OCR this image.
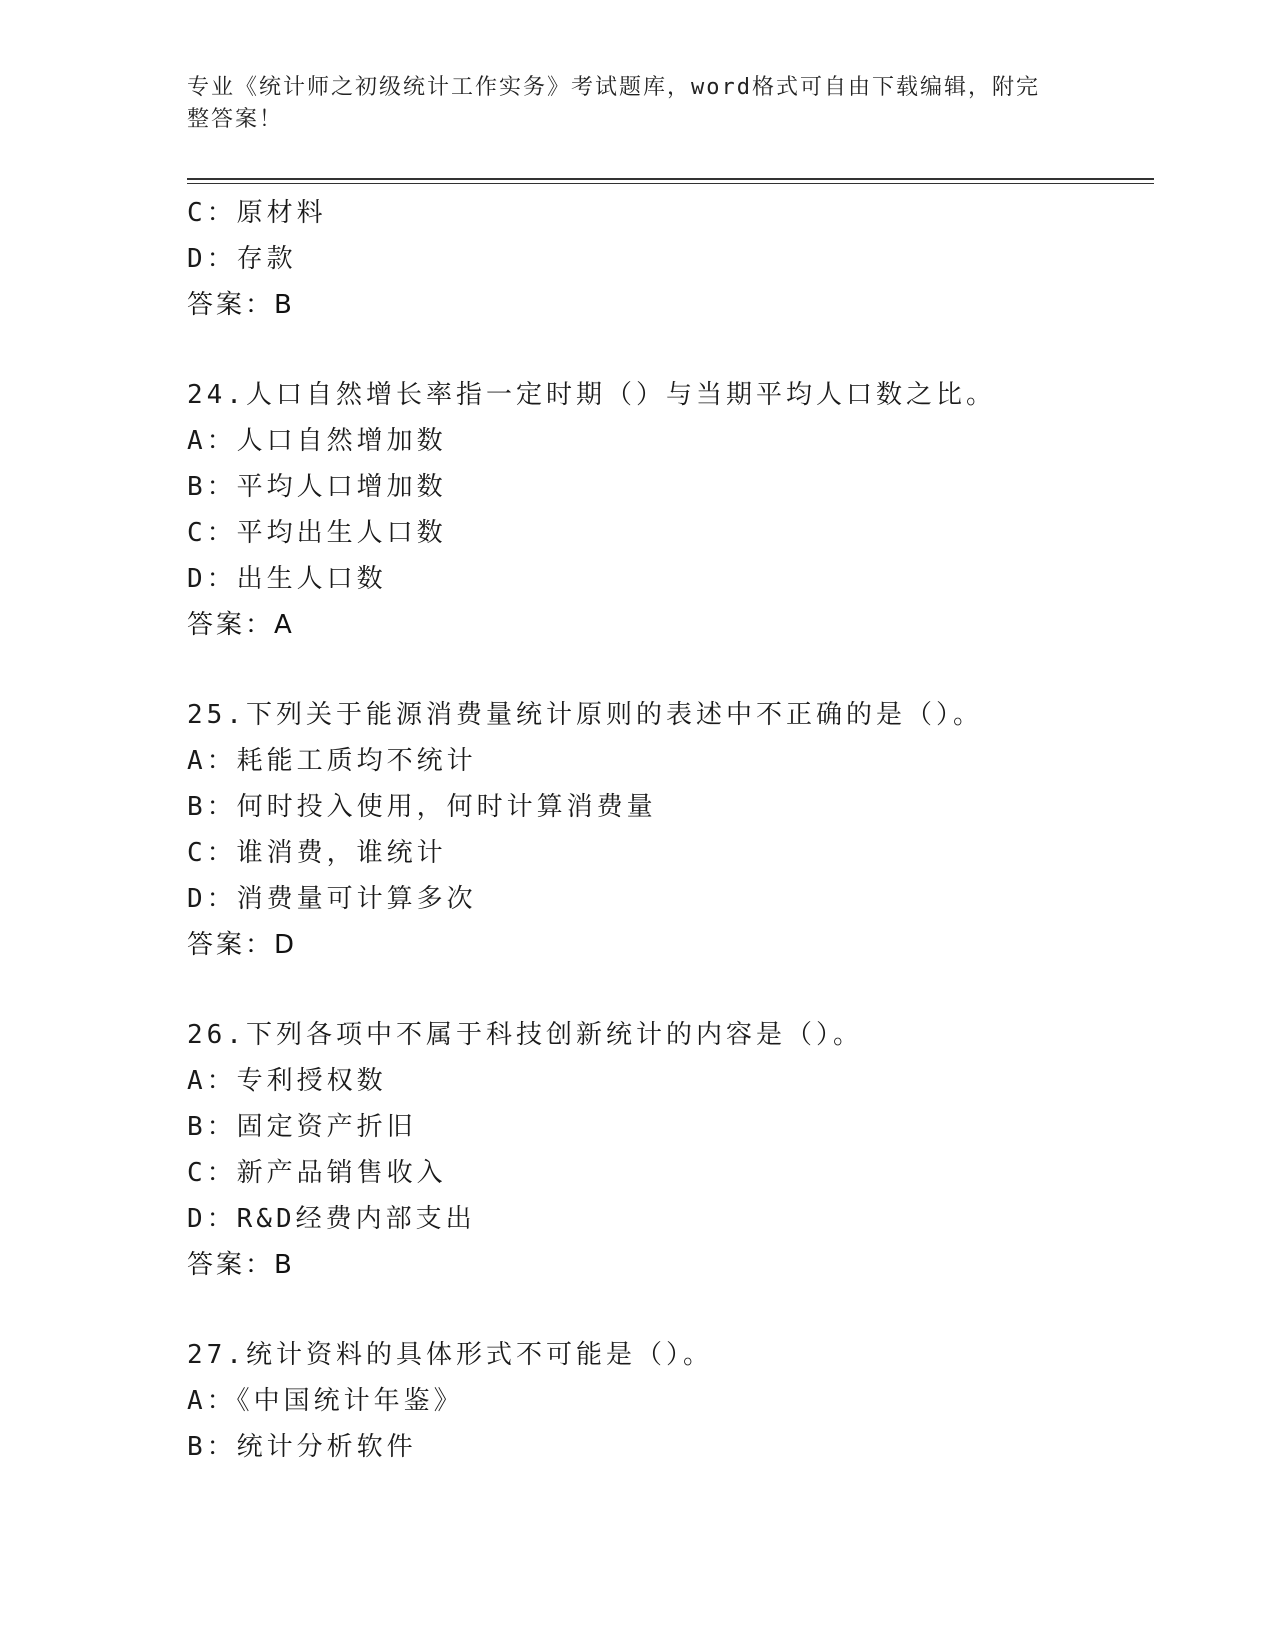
专业《统计师之初级统计工作实务》考试题库，word格式可自由下载编辑，附完
整答案！
C：原材料
D：存款
答案：B
24.人口自然增长率指一定时期（）与当期平均人口数之比。
A：人口自然增加数
B：平均人口增加数
C：平均出生人口数
D：出生人口数
答案：A
25.下列关于能源消费量统计原则的表述中不正确的是（）。
A：耗能工质均不统计
B：何时投入使用，何时计算消费量
C：谁消费，谁统计
D：消费量可计算多次
答案：D
26.下列各项中不属于科技创新统计的内容是（）。
A：专利授权数
B：固定资产折旧
C：新产品销售收入
D：R&D经费内部支出
答案：B
27.统计资料的具体形式不可能是（）。
A：《中国统计年鉴》
B：统计分析软件
